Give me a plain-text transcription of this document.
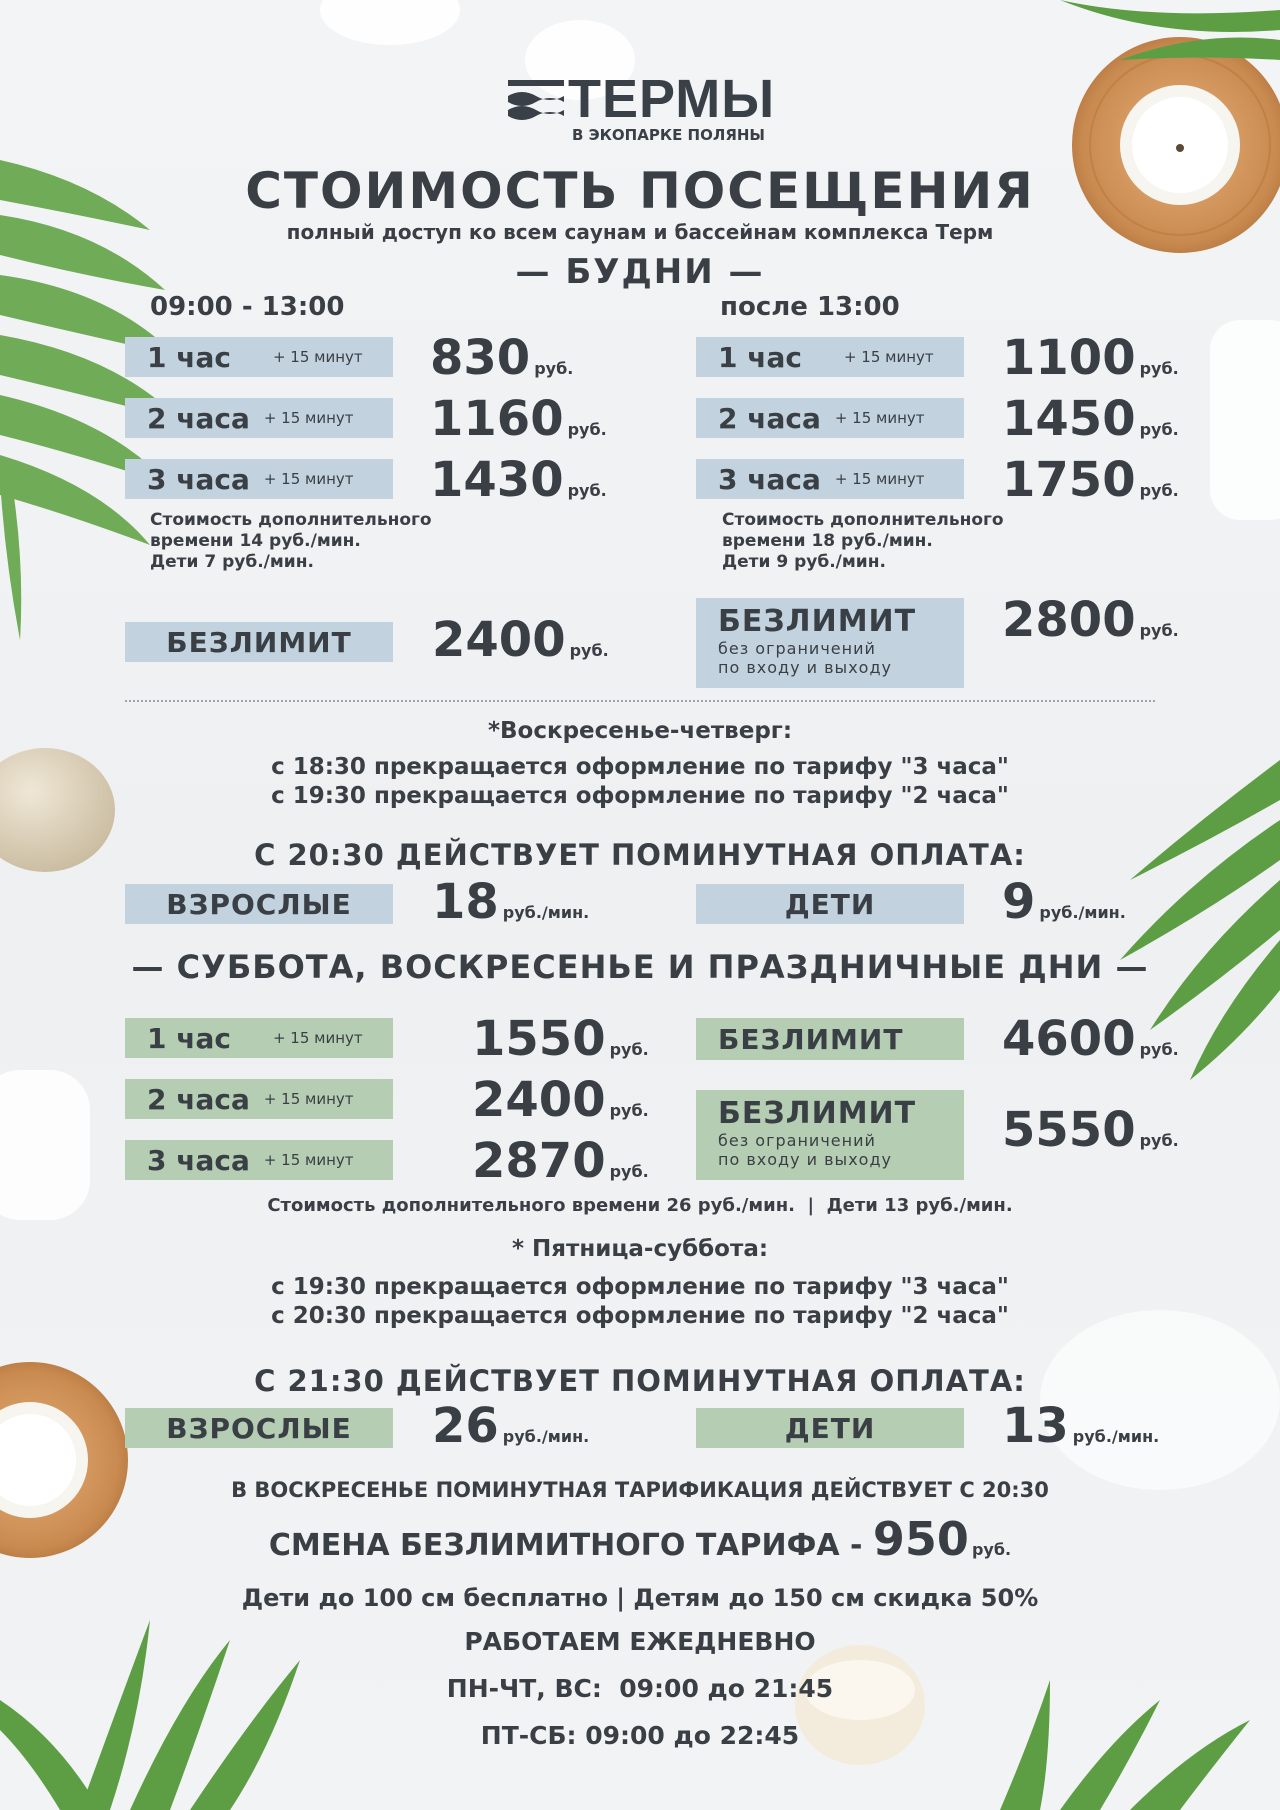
ТЕРМЫ
В ЭКОПАРКЕ ПОЛЯНЫ
СТОИМОСТЬ ПОСЕЩЕНИЯ
полный доступ ко всем саунам и бассейнам комплекса Терм
— БУДНИ —
09:00 - 13:00	после 13:00
1 час	+ 15 минут 830 руб.
2 часа + 15 минут 1160 руб.
3 часа + 15 минут 1430 руб.
Стоимость дополнительного
времени 14 руб./мин.
Дети 7 руб./мин.
1 час	+ 15 минут 1100 руб.
2 часа + 15 минут 1450 руб.
3 часа + 15 минут 1750 руб.
Стоимость дополнительного
времени 18 руб./мин.
Дети 9 руб./мин.
БЕЗЛИМИТ 2400 руб.
БЕЗЛИМИТ
без ограничений
по входу и выходу
2800 руб.
*Воскресенье-четверг:
с 18:30 прекращается оформление по тарифу "3 часа"
с 19:30 прекращается оформление по тарифу "2 часа"
С 20:30 ДЕЙСТВУЕТ ПОМИНУТНАЯ ОПЛАТА:
ВЗРОСЛЫЕ 18 руб./мин.	ДЕТИ	9 руб./мин.
— СУББОТА, ВОСКРЕСЕНЬЕ И ПРАЗДНИЧНЫЕ ДНИ —
1 час	+ 15 минут 1550 руб.
2 часа + 15 минут 2400 руб.
3 часа + 15 минут 2870 руб.
БЕЗЛИМИТ 4600 руб.
БЕЗЛИМИТ
без ограничений
по входу и выходу
5550 руб.
Стоимость дополнительного времени 26 руб./мин.  |  Дети 13 руб./мин.
* Пятница-суббота:
с 19:30 прекращается оформление по тарифу "3 часа"
с 20:30 прекращается оформление по тарифу "2 часа"
С 21:30 ДЕЙСТВУЕТ ПОМИНУТНАЯ ОПЛАТА:
ВЗРОСЛЫЕ 26 руб./мин.	ДЕТИ	13 руб./мин.
В ВОСКРЕСЕНЬЕ ПОМИНУТНАЯ ТАРИФИКАЦИЯ ДЕЙСТВУЕТ С 20:30
СМЕНА БЕЗЛИМИТНОГО ТАРИФА - 950 руб.
Дети до 100 см бесплатно | Детям до 150 см скидка 50%
РАБОТАЕМ ЕЖЕДНЕВНО
ПН-ЧТ, ВС:  09:00 до 21:45
ПТ-СБ: 09:00 до 22:45
